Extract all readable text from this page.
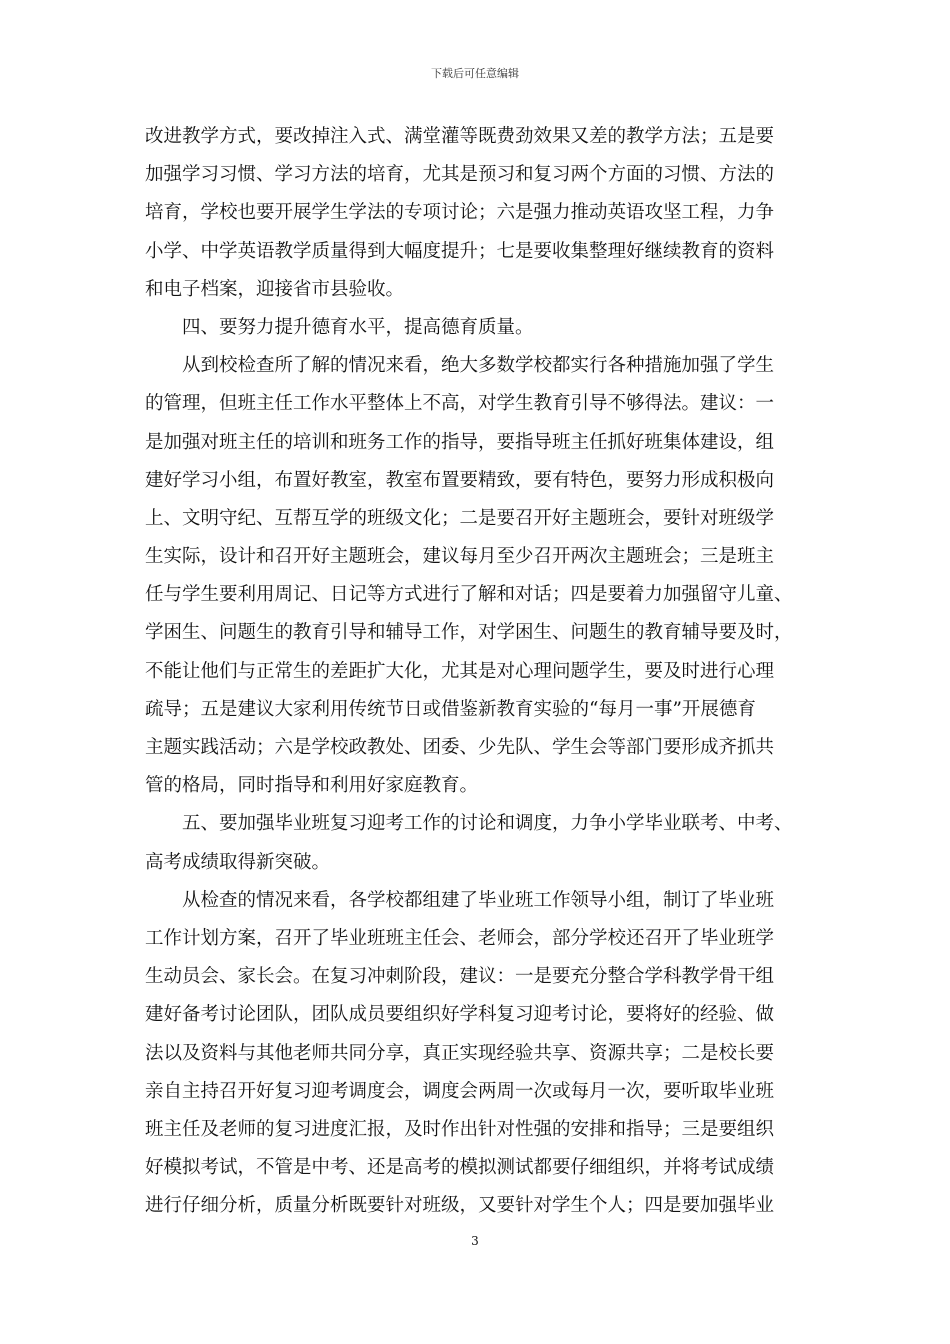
下载后可任意编辑
改进教学方式，要改掉注入式、满堂灌等既费劲效果又差的教学方法；五是要
加强学习习惯、学习方法的培育，尤其是预习和复习两个方面的习惯、方法的
培育，学校也要开展学生学法的专项讨论；六是强力推动英语攻坚工程，力争
小学、中学英语教学质量得到大幅度提升；七是要收集整理好继续教育的资料
和电子档案，迎接省市县验收。
四、要努力提升德育水平，提高德育质量。
从到校检查所了解的情况来看，绝大多数学校都实行各种措施加强了学生
的管理，但班主任工作水平整体上不高，对学生教育引导不够得法。建议：一
是加强对班主任的培训和班务工作的指导，要指导班主任抓好班集体建设，组
建好学习小组，布置好教室，教室布置要精致，要有特色，要努力形成积极向
上、文明守纪、互帮互学的班级文化；二是要召开好主题班会，要针对班级学
生实际，设计和召开好主题班会，建议每月至少召开两次主题班会；三是班主
任与学生要利用周记、日记等方式进行了解和对话；四是要着力加强留守儿童、
学困生、问题生的教育引导和辅导工作，对学困生、问题生的教育辅导要及时，
不能让他们与正常生的差距扩大化，尤其是对心理问题学生，要及时进行心理
疏导；五是建议大家利用传统节日或借鉴新教育实验的“每月一事”开展德育
主题实践活动；六是学校政教处、团委、少先队、学生会等部门要形成齐抓共
管的格局，同时指导和利用好家庭教育。
五、要加强毕业班复习迎考工作的讨论和调度，力争小学毕业联考、中考、
高考成绩取得新突破。
从检查的情况来看，各学校都组建了毕业班工作领导小组，制订了毕业班
工作计划方案，召开了毕业班班主任会、老师会，部分学校还召开了毕业班学
生动员会、家长会。在复习冲刺阶段，建议：一是要充分整合学科教学骨干组
建好备考讨论团队，团队成员要组织好学科复习迎考讨论，要将好的经验、做
法以及资料与其他老师共同分享，真正实现经验共享、资源共享；二是校长要
亲自主持召开好复习迎考调度会，调度会两周一次或每月一次，要听取毕业班
班主任及老师的复习进度汇报，及时作出针对性强的安排和指导；三是要组织
好模拟考试，不管是中考、还是高考的模拟测试都要仔细组织，并将考试成绩
进行仔细分析，质量分析既要针对班级，又要针对学生个人；四是要加强毕业
3
